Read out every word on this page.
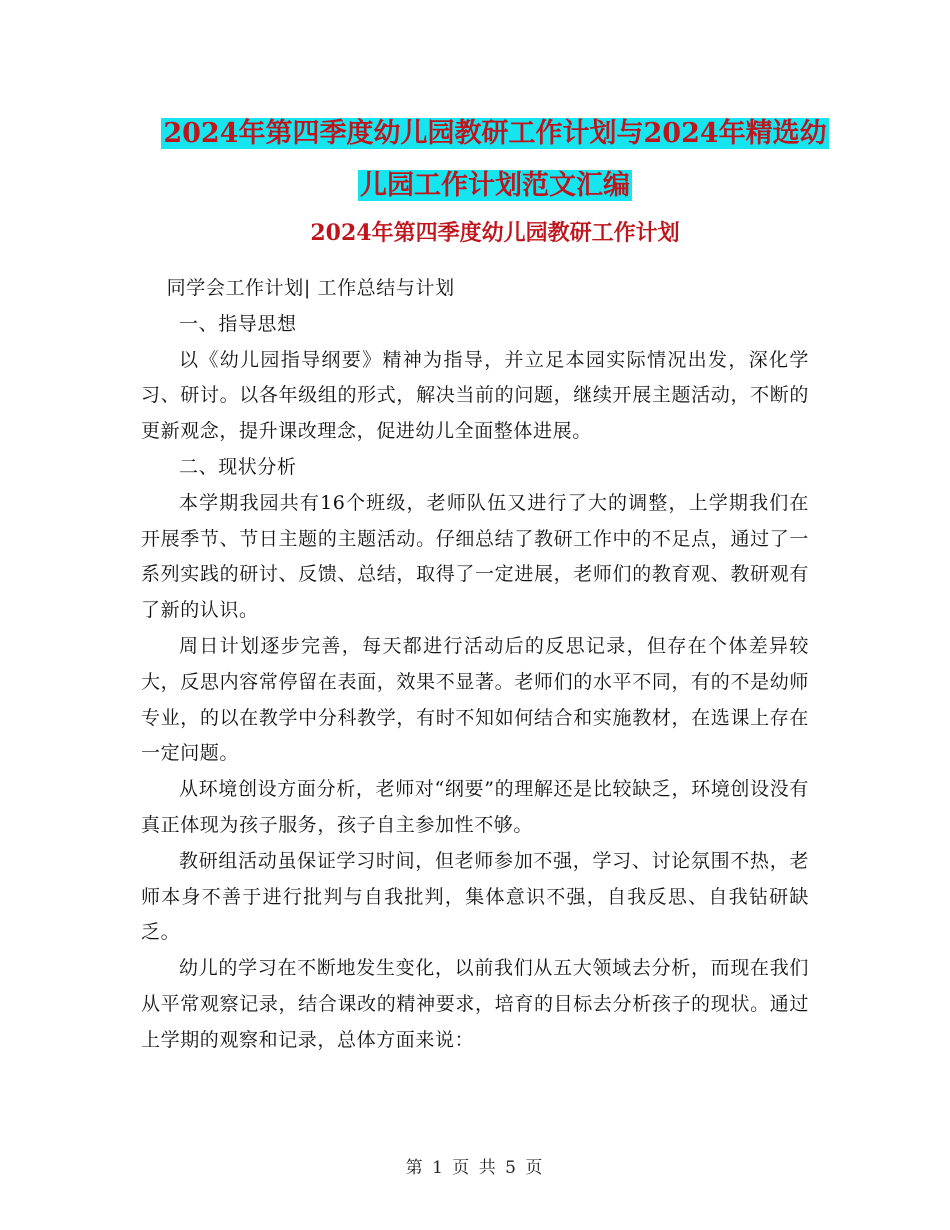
2024年第四季度幼儿园教研工作计划与2024年精选幼
儿园工作计划范文汇编
2024年第四季度幼儿园教研工作计划

同学会工作计划| 工作总结与计划

一、指导思想

以《幼儿园指导纲要》精神为指导，并立足本园实际情况出发，深化学习、研讨。以各年级组的形式，解决当前的问题，继续开展主题活动，不断的更新观念，提升课改理念，促进幼儿全面整体进展。

二、现状分析

本学期我园共有16个班级，老师队伍又进行了大的调整，上学期我们在开展季节、节日主题的主题活动。仔细总结了教研工作中的不足点，通过了一系列实践的研讨、反馈、总结，取得了一定进展，老师们的教育观、教研观有了新的认识。

周日计划逐步完善，每天都进行活动后的反思记录，但存在个体差异较大，反思内容常停留在表面，效果不显著。老师们的水平不同，有的不是幼师专业，的以在教学中分科教学，有时不知如何结合和实施教材，在选课上存在一定问题。

从环境创设方面分析，老师对“纲要”的理解还是比较缺乏，环境创设没有真正体现为孩子服务，孩子自主参加性不够。

教研组活动虽保证学习时间，但老师参加不强，学习、讨论氛围不热，老师本身不善于进行批判与自我批判，集体意识不强，自我反思、自我钻研缺乏。

幼儿的学习在不断地发生变化，以前我们从五大领域去分析，而现在我们从平常观察记录，结合课改的精神要求，培育的目标去分析孩子的现状。通过上学期的观察和记录，总体方面来说：

第 1 页 共 5 页
